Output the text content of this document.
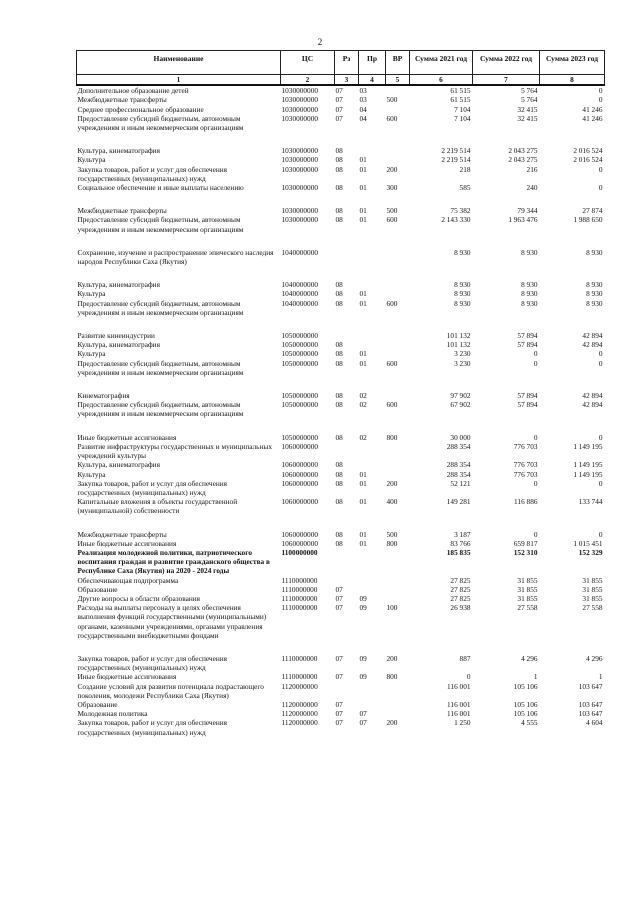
2
Наименование	ЦС	Рз	Пр	ВР	Сумма 2021 год	Сумма 2022 год	Сумма 2023 год
1	2	3	4	5	6	7	8
Дополнительное образование детей	1030000000	07	03		61 515	5 764	0
Межбюджетные трансферты	1030000000	07	03	500	61 515	5 764	0
Среднее профессиональное образование	1030000000	07	04		7 104	32 415	41 246
Предоставление субсидий бюджетным, автономным учреждениям и иным некоммерческим организациям	1030000000	07	04	600	7 104	32 415	41 246

Культура, кинематография	1030000000	08			2 219 514	2 043 275	2 016 524
Культура	1030000000	08	01		2 219 514	2 043 275	2 016 524
Закупка товаров, работ и услуг для обеспечения государственных (муниципальных) нужд	1030000000	08	01	200	218	216	0
Социальное обеспечение и иные выплаты населению	1030000000	08	01	300	585	240	0

Межбюджетные трансферты	1030000000	08	01	500	75 382	79 344	27 874
Предоставление субсидий бюджетным, автономным учреждениям и иным некоммерческим организациям	1030000000	08	01	600	2 143 330	1 963 476	1 988 650

Сохранение, изучение и распространение эпического наследия народов Республики Саха (Якутия)	1040000000				8 930	8 930	8 930

Культура, кинематография	1040000000	08			8 930	8 930	8 930
Культура	1040000000	08	01		8 930	8 930	8 930
Предоставление субсидий бюджетным, автономным учреждениям и иным некоммерческим организациям	1040000000	08	01	600	8 930	8 930	8 930

Развитие кинеиндустрии	1050000000				101 132	57 894	42 894
Культура, кинематография	1050000000	08			101 132	57 894	42 894
Культура	1050000000	08	01		3 230	0	0
Предоставление субсидий бюджетным, автономным учреждениям и иным некоммерческим организациям	1050000000	08	01	600	3 230	0	0

Кинематография	1050000000	08	02		97 902	57 894	42 894
Предоставление субсидий бюджетным, автономным учреждениям и иным некоммерческим организациям	1050000000	08	02	600	67 902	57 894	42 894

Иные бюджетные ассигнования	1050000000	08	02	800	30 000	0	0
Развитие инфраструктуры государственных и муниципальных учреждений культуры	1060000000				288 354	776 703	1 149 195
Культура, кинематография	1060000000	08			288 354	776 703	1 149 195
Культура	1060000000	08	01		288 354	776 703	1 149 195
Закупка товаров, работ и услуг для обеспечения государственных (муниципальных) нужд	1060000000	08	01	200	52 121	0	0
Капитальные вложения в объекты государственной (муниципальной) собственности	1060000000	08	01	400	149 281	116 886	133 744

Межбюджетные трансферты	1060000000	08	01	500	3 187	0	0
Иные бюджетные ассигнования	1060000000	08	01	800	83 766	659 817	1 015 451
Реализация молодежной политики, патриотического воспитания граждан и развитие гражданского общества в Республике Саха (Якутия) на 2020 - 2024 годы	1100000000				185 835	152 310	152 329
Обеспечивающая подпрограмма	1110000000				27 825	31 855	31 855
Образование	1110000000	07			27 825	31 855	31 855
Другие вопросы в области образования	1110000000	07	09		27 825	31 855	31 855
Расходы на выплаты персоналу в целях обеспечения выполнения функций государственными (муниципальными) органами, казенными учреждениями, органами управления государственными внебюджетными фондами	1110000000	07	09	100	26 938	27 558	27 558

Закупка товаров, работ и услуг для обеспечения государственных (муниципальных) нужд	1110000000	07	09	200	887	4 296	4 296
Иные бюджетные ассигнования	1110000000	07	09	800	0	1	1
Создание условий для развития потенциала подрастающего поколения, молодежи Республики Саха (Якутия)	1120000000				116 001	105 106	103 647
Образование	1120000000	07			116 001	105 106	103 647
Молодежная политика	1120000000	07	07		116 001	105 106	103 647
Закупка товаров, работ и услуг для обеспечения государственных (муниципальных) нужд	1120000000	07	07	200	1 250	4 555	4 604
